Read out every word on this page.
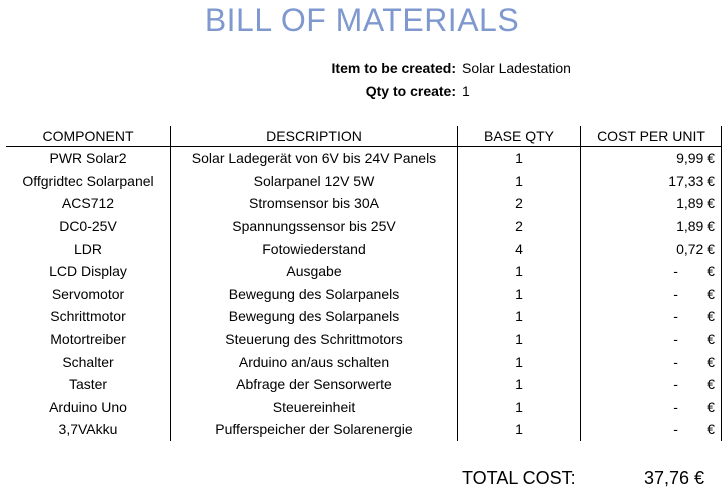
BILL OF MATERIALS
Item to be created: Solar Ladestation
Qty to create: 1
COMPONENT	DESCRIPTION	BASE QTY	COST PER UNIT
PWR Solar2	Solar Ladegerät von 6V bis 24V Panels	1	9,99 €
Offgridtec Solarpanel	Solarpanel 12V 5W	1	17,33 €
ACS712	Stromsensor bis 30A	2	1,89 €
DC0-25V	Spannungssensor bis 25V	2	1,89 €
LDR	Fotowiederstand	4	0,72 €
LCD Display	Ausgabe	1	- €
Servomotor	Bewegung des Solarpanels	1	- €
Schrittmotor	Bewegung des Solarpanels	1	- €
Motortreiber	Steuerung des Schrittmotors	1	- €
Schalter	Arduino an/aus schalten	1	- €
Taster	Abfrage der Sensorwerte	1	- €
Arduino Uno	Steuereinheit	1	- €
3,7VAkku	Pufferspeicher der Solarenergie	1	- €
TOTAL COST:	37,76 €
